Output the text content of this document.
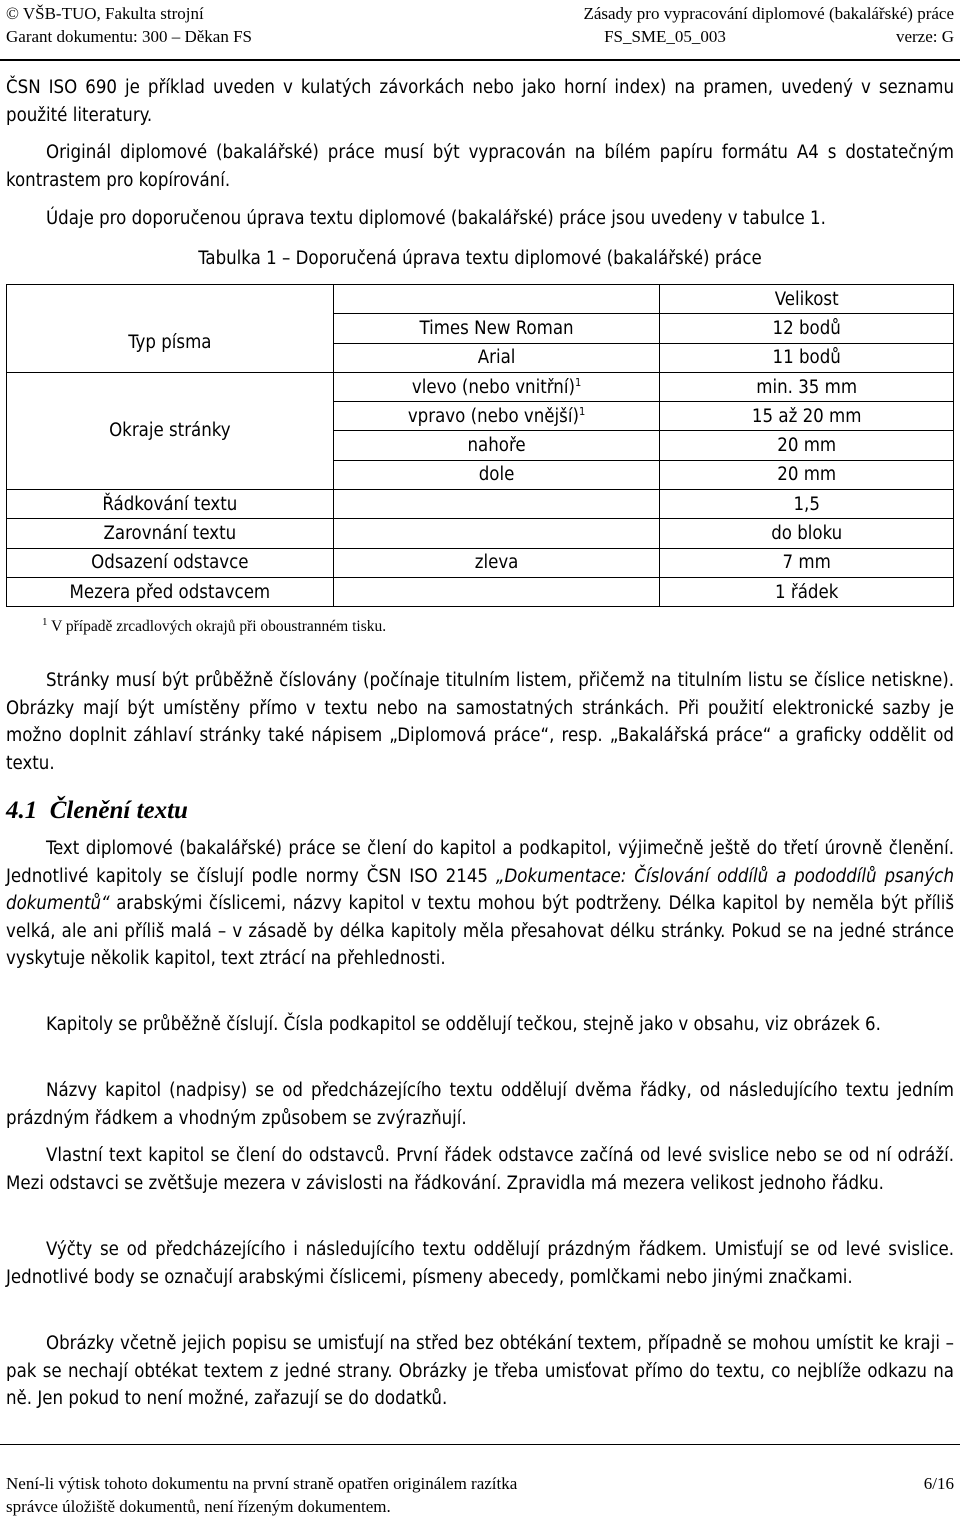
© VŠB-TUO, Fakulta strojní	Zásady pro vypracování diplomové (bakalářské) práce
Garant dokumentu: 300 – Děkan FS	FS_SME_05_003	verze: G
ČSN ISO 690 je příklad uveden v kulatých závorkách nebo jako horní index) na pramen, uvedený v seznamu použité literatury.
Originál diplomové (bakalářské) práce musí být vypracován na bílém papíru formátu A4 s dostatečným kontrastem pro kopírování.
Údaje pro doporučenou úprava textu diplomové (bakalářské) práce jsou uvedeny v tabulce 1.
Tabulka 1 – Doporučená úprava textu diplomové (bakalářské) práce
		Velikost
Typ písma	Times New Roman	12 bodů
	Arial	11 bodů
Okraje stránky	vlevo (nebo vnitřní)$^1$	min. 35 mm
	vpravo (nebo vnější)$^1$	15 až 20 mm
	nahoře	20 mm
	dole	20 mm
Řádkování textu		1,5
Zarovnání textu		do bloku
Odsazení odstavce	zleva	7 mm
Mezera před odstavcem		1 řádek
$^1$ V případě zrcadlových okrajů při oboustranném tisku.
Stránky musí být průběžně číslovány (počínaje titulním listem, přičemž na titulním listu se číslice netiskne). Obrázky mají být umístěny přímo v textu nebo na samostatných stránkách. Při použití elektronické sazby je možno doplnit záhlaví stránky také nápisem „Diplomová práce“, resp. „Bakalářská práce“ a graficky oddělit od textu.
4.1 Členění textu
Text diplomové (bakalářské) práce se člení do kapitol a podkapitol, výjimečně ještě do třetí úrovně členění. Jednotlivé kapitoly se číslují podle normy ČSN ISO 2145 „Dokumentace: Číslování oddílů a pododdílů psaných dokumentů“ arabskými číslicemi, názvy kapitol v textu mohou být podtrženy. Délka kapitol by neměla být příliš velká, ale ani příliš malá – v zásadě by délka kapitoly měla přesahovat délku stránky. Pokud se na jedné stránce vyskytuje několik kapitol, text ztrácí na přehlednosti.
Kapitoly se průběžně číslují. Čísla podkapitol se oddělují tečkou, stejně jako v obsahu, viz obrázek 6.
Názvy kapitol (nadpisy) se od předcházejícího textu oddělují dvěma řádky, od následujícího textu jedním prázdným řádkem a vhodným způsobem se zvýrazňují.
Vlastní text kapitol se člení do odstavců. První řádek odstavce začíná od levé svislice nebo se od ní odráží. Mezi odstavci se zvětšuje mezera v závislosti na řádkování. Zpravidla má mezera velikost jednoho řádku.
Výčty se od předcházejícího i následujícího textu oddělují prázdným řádkem. Umisťují se od levé svislice. Jednotlivé body se označují arabskými číslicemi, písmeny abecedy, pomlčkami nebo jinými značkami.
Obrázky včetně jejich popisu se umisťují na střed bez obtékání textem, případně se mohou umístit ke kraji – pak se nechají obtékat textem z jedné strany. Obrázky je třeba umisťovat přímo do textu, co nejblíže odkazu na ně. Jen pokud to není možné, zařazují se do dodatků.
Není-li výtisk tohoto dokumentu na první straně opatřen originálem razítka
správce úložiště dokumentů, není řízeným dokumentem.
6/16
